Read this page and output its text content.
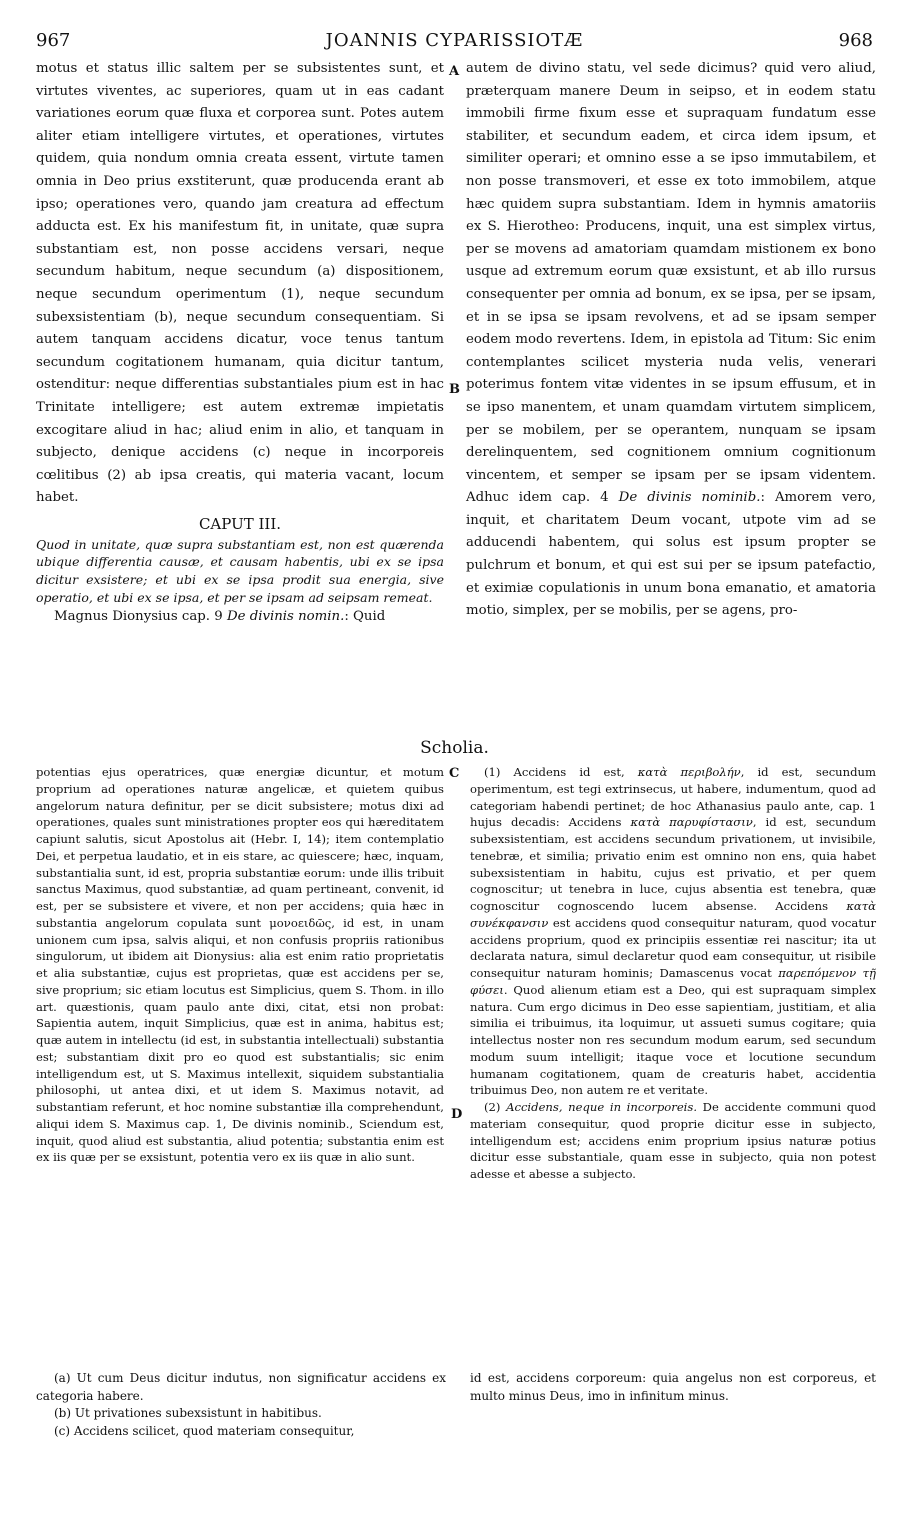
967	JOANNIS CYPARISSIOTÆ	968
A
B
C
D

motus et status illic saltem per se subsistentes sunt, et virtutes viventes, ac superiores, quam ut in eas cadant variationes eorum quæ fluxa et corporea sunt. Potes autem aliter etiam intelligere virtutes, et operationes, virtutes quidem, quia nondum omnia creata essent, virtute tamen omnia in Deo prius exstiterunt, quæ producenda erant ab ipso; operationes vero, quando jam creatura ad effectum adducta est. Ex his manifestum fit, in unitate, quæ supra substantiam est, non posse accidens versari, neque secundum habitum, neque secundum (a) dispositionem, neque secundum operimentum (1), neque secundum subexsistentiam (b), neque secundum consequentiam. Si autem tanquam accidens dicatur, voce tenus tantum secundum cogitationem humanam, quia dicitur tantum, ostenditur: neque differentias substantiales pium est in hac Trinitate intelligere; est autem extremæ impietatis excogitare aliud in hac; aliud enim in alio, et tanquam in subjecto, denique accidens (c) neque in incorporeis cœlitibus (2) ab ipsa creatis, qui materia vacant, locum habet.

CAPUT III.

Quod in unitate, quæ supra substantiam est, non est quærenda ubique differentia causæ, et causam habentis, ubi ex se ipsa dicitur exsistere; et ubi ex se ipsa prodit sua energia, sive operatio, et ubi ex se ipsa, et per se ipsam ad seipsam remeat.

Magnus Dionysius cap. 9 De divinis nomin.: Quid

autem de divino statu, vel sede dicimus? quid vero aliud, præterquam manere Deum in seipso, et in eodem statu immobili firme fixum esse et supraquam fundatum esse stabiliter, et secundum eadem, et circa idem ipsum, et similiter operari; et omnino esse a se ipso immutabilem, et non posse transmoveri, et esse ex toto immobilem, atque hæc quidem supra substantiam. Idem in hymnis amatoriis ex S. Hierotheo: Producens, inquit, una est simplex virtus, per se movens ad amatoriam quamdam mistionem ex bono usque ad extremum eorum quæ exsistunt, et ab illo rursus consequenter per omnia ad bonum, ex se ipsa, per se ipsam, et in se ipsa se ipsam revolvens, et ad se ipsam semper eodem modo revertens. Idem, in epistola ad Titum: Sic enim contemplantes scilicet mysteria nuda velis, venerari poterimus fontem vitæ videntes in se ipsum effusum, et in se ipso manentem, et unam quamdam virtutem simplicem, per se mobilem, per se operantem, nunquam se ipsam derelinquentem, sed cognitionem omnium cognitionum vincentem, et semper se ipsam per se ipsam videntem. Adhuc idem cap. 4 De divinis nominib.: Amorem vero, inquit, et charitatem Deum vocant, utpote vim ad se adducendi habentem, qui solus est ipsum propter se pulchrum et bonum, et qui est sui per se ipsum patefactio, et eximiæ copulationis in unum bona emanatio, et amatoria motio, simplex, per se mobilis, per se agens, pro-

Scholia.

potentias ejus operatrices, quæ energiæ dicuntur, et motum proprium ad operationes naturæ angelicæ, et quietem quibus angelorum natura definitur, per se dicit subsistere; motus dixi ad operationes, quales sunt ministrationes propter eos qui hæreditatem capiunt salutis, sicut Apostolus ait (Hebr. I, 14); item contemplatio Dei, et perpetua laudatio, et in eis stare, ac quiescere; hæc, inquam, substantialia sunt, id est, propria substantiæ eorum: unde illis tribuit sanctus Maximus, quod substantiæ, ad quam pertineant, convenit, id est, per se subsistere et vivere, et non per accidens; quia hæc in substantia angelorum copulata sunt μονοειδῶς, id est, in unam unionem cum ipsa, salvis aliqui, et non confusis propriis rationibus singulorum, ut ibidem ait Dionysius: alia est enim ratio proprietatis et alia substantiæ, cujus est proprietas, quæ est accidens per se, sive proprium; sic etiam locutus est Simplicius, quem S. Thom. in illo art. quæstionis, quam paulo ante dixi, citat, etsi non probat: Sapientia autem, inquit Simplicius, quæ est in anima, habitus est; quæ autem in intellectu (id est, in substantia intellectuali) substantia est; substantiam dixit pro eo quod est substantialis; sic enim intelligendum est, ut S. Maximus intellexit, siquidem substantialia philosophi, ut antea dixi, et ut idem S. Maximus notavit, ad substantiam referunt, et hoc nomine substantiæ illa comprehendunt, aliqui idem S. Maximus cap. 1, De divinis nominib., Sciendum est, inquit, quod aliud est substantia, aliud potentia; substantia enim est ex iis quæ per se exsistunt, potentia vero ex iis quæ in alio sunt.

(1) Accidens id est, κατὰ περιβολήν, id est, secundum operimentum, est tegi extrinsecus, ut habere, indumentum, quod ad categoriam habendi pertinet; de hoc Athanasius paulo ante, cap. 1 hujus decadis: Accidens κατὰ παρυφίστασιν, id est, secundum subexsistentiam, est accidens secundum privationem, ut invisibile, tenebræ, et similia; privatio enim est omnino non ens, quia habet subexsistentiam in habitu, cujus est privatio, et per quem cognoscitur; ut tenebra in luce, cujus absentia est tenebra, quæ cognoscitur cognoscendo lucem absense. Accidens κατὰ συνέκφανσιν est accidens quod consequitur naturam, quod vocatur accidens proprium, quod ex principiis essentiæ rei nascitur; ita ut declarata natura, simul declaretur quod eam consequitur, ut risibile consequitur naturam hominis; Damascenus vocat παρεπόμενον τῇ φύσει. Quod alienum etiam est a Deo, qui est supraquam simplex natura. Cum ergo dicimus in Deo esse sapientiam, justitiam, et alia similia ei tribuimus, ita loquimur, ut assueti sumus cogitare; quia intellectus noster non res secundum modum earum, sed secundum modum suum intelligit; itaque voce et locutione secundum humanam cogitationem, quam de creaturis habet, accidentia tribuimus Deo, non autem re et veritate.

(2) Accidens, neque in incorporeis. De accidente communi quod materiam consequitur, quod proprie dicitur esse in subjecto, intelligendum est; accidens enim proprium ipsius naturæ potius dicitur esse substantiale, quam esse in subjecto, quia non potest adesse et abesse a subjecto.

(a) Ut cum Deus dicitur indutus, non significatur accidens ex categoria habere.

(b) Ut privationes subexsistunt in habitibus.

(c) Accidens scilicet, quod materiam consequitur,

id est, accidens corporeum: quia angelus non est corporeus, et multo minus Deus, imo in infinitum minus.
